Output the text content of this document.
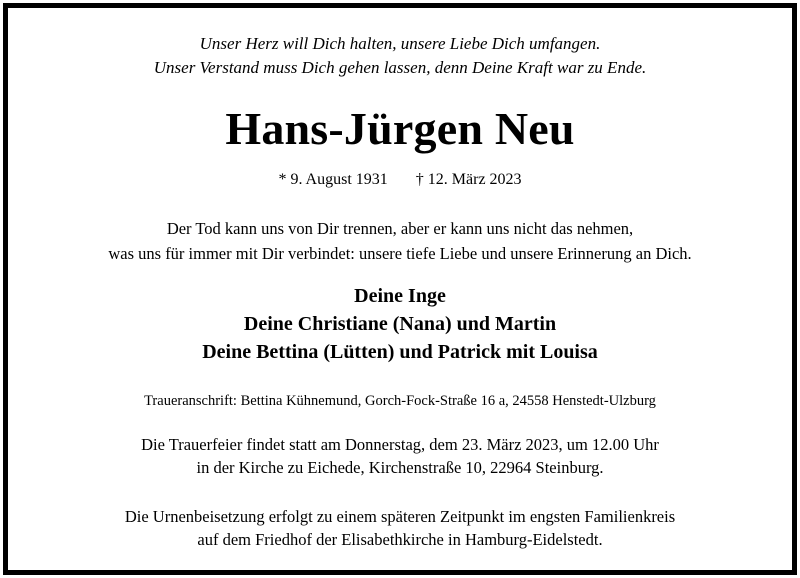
Unser Herz will Dich halten, unsere Liebe Dich umfangen.

Unser Verstand muss Dich gehen lassen, denn Deine Kraft war zu Ende.

Hans-Jürgen Neu
* 9. August 1931 † 12. März 2023

Der Tod kann uns von Dir trennen, aber er kann uns nicht das nehmen,

was uns für immer mit Dir verbindet: unsere tiefe Liebe und unsere Erinnerung an Dich.

Deine Inge

Deine Christiane (Nana) und Martin

Deine Bettina (Lütten) und Patrick mit Louisa

Traueranschrift: Bettina Kühnemund, Gorch-Fock-Straße 16 a, 24558 Henstedt-Ulzburg

Die Trauerfeier findet statt am Donnerstag, dem 23. März 2023, um 12.00 Uhr

in der Kirche zu Eichede, Kirchenstraße 10, 22964 Steinburg.

Die Urnenbeisetzung erfolgt zu einem späteren Zeitpunkt im engsten Familienkreis

auf dem Friedhof der Elisabethkirche in Hamburg-Eidelstedt.
